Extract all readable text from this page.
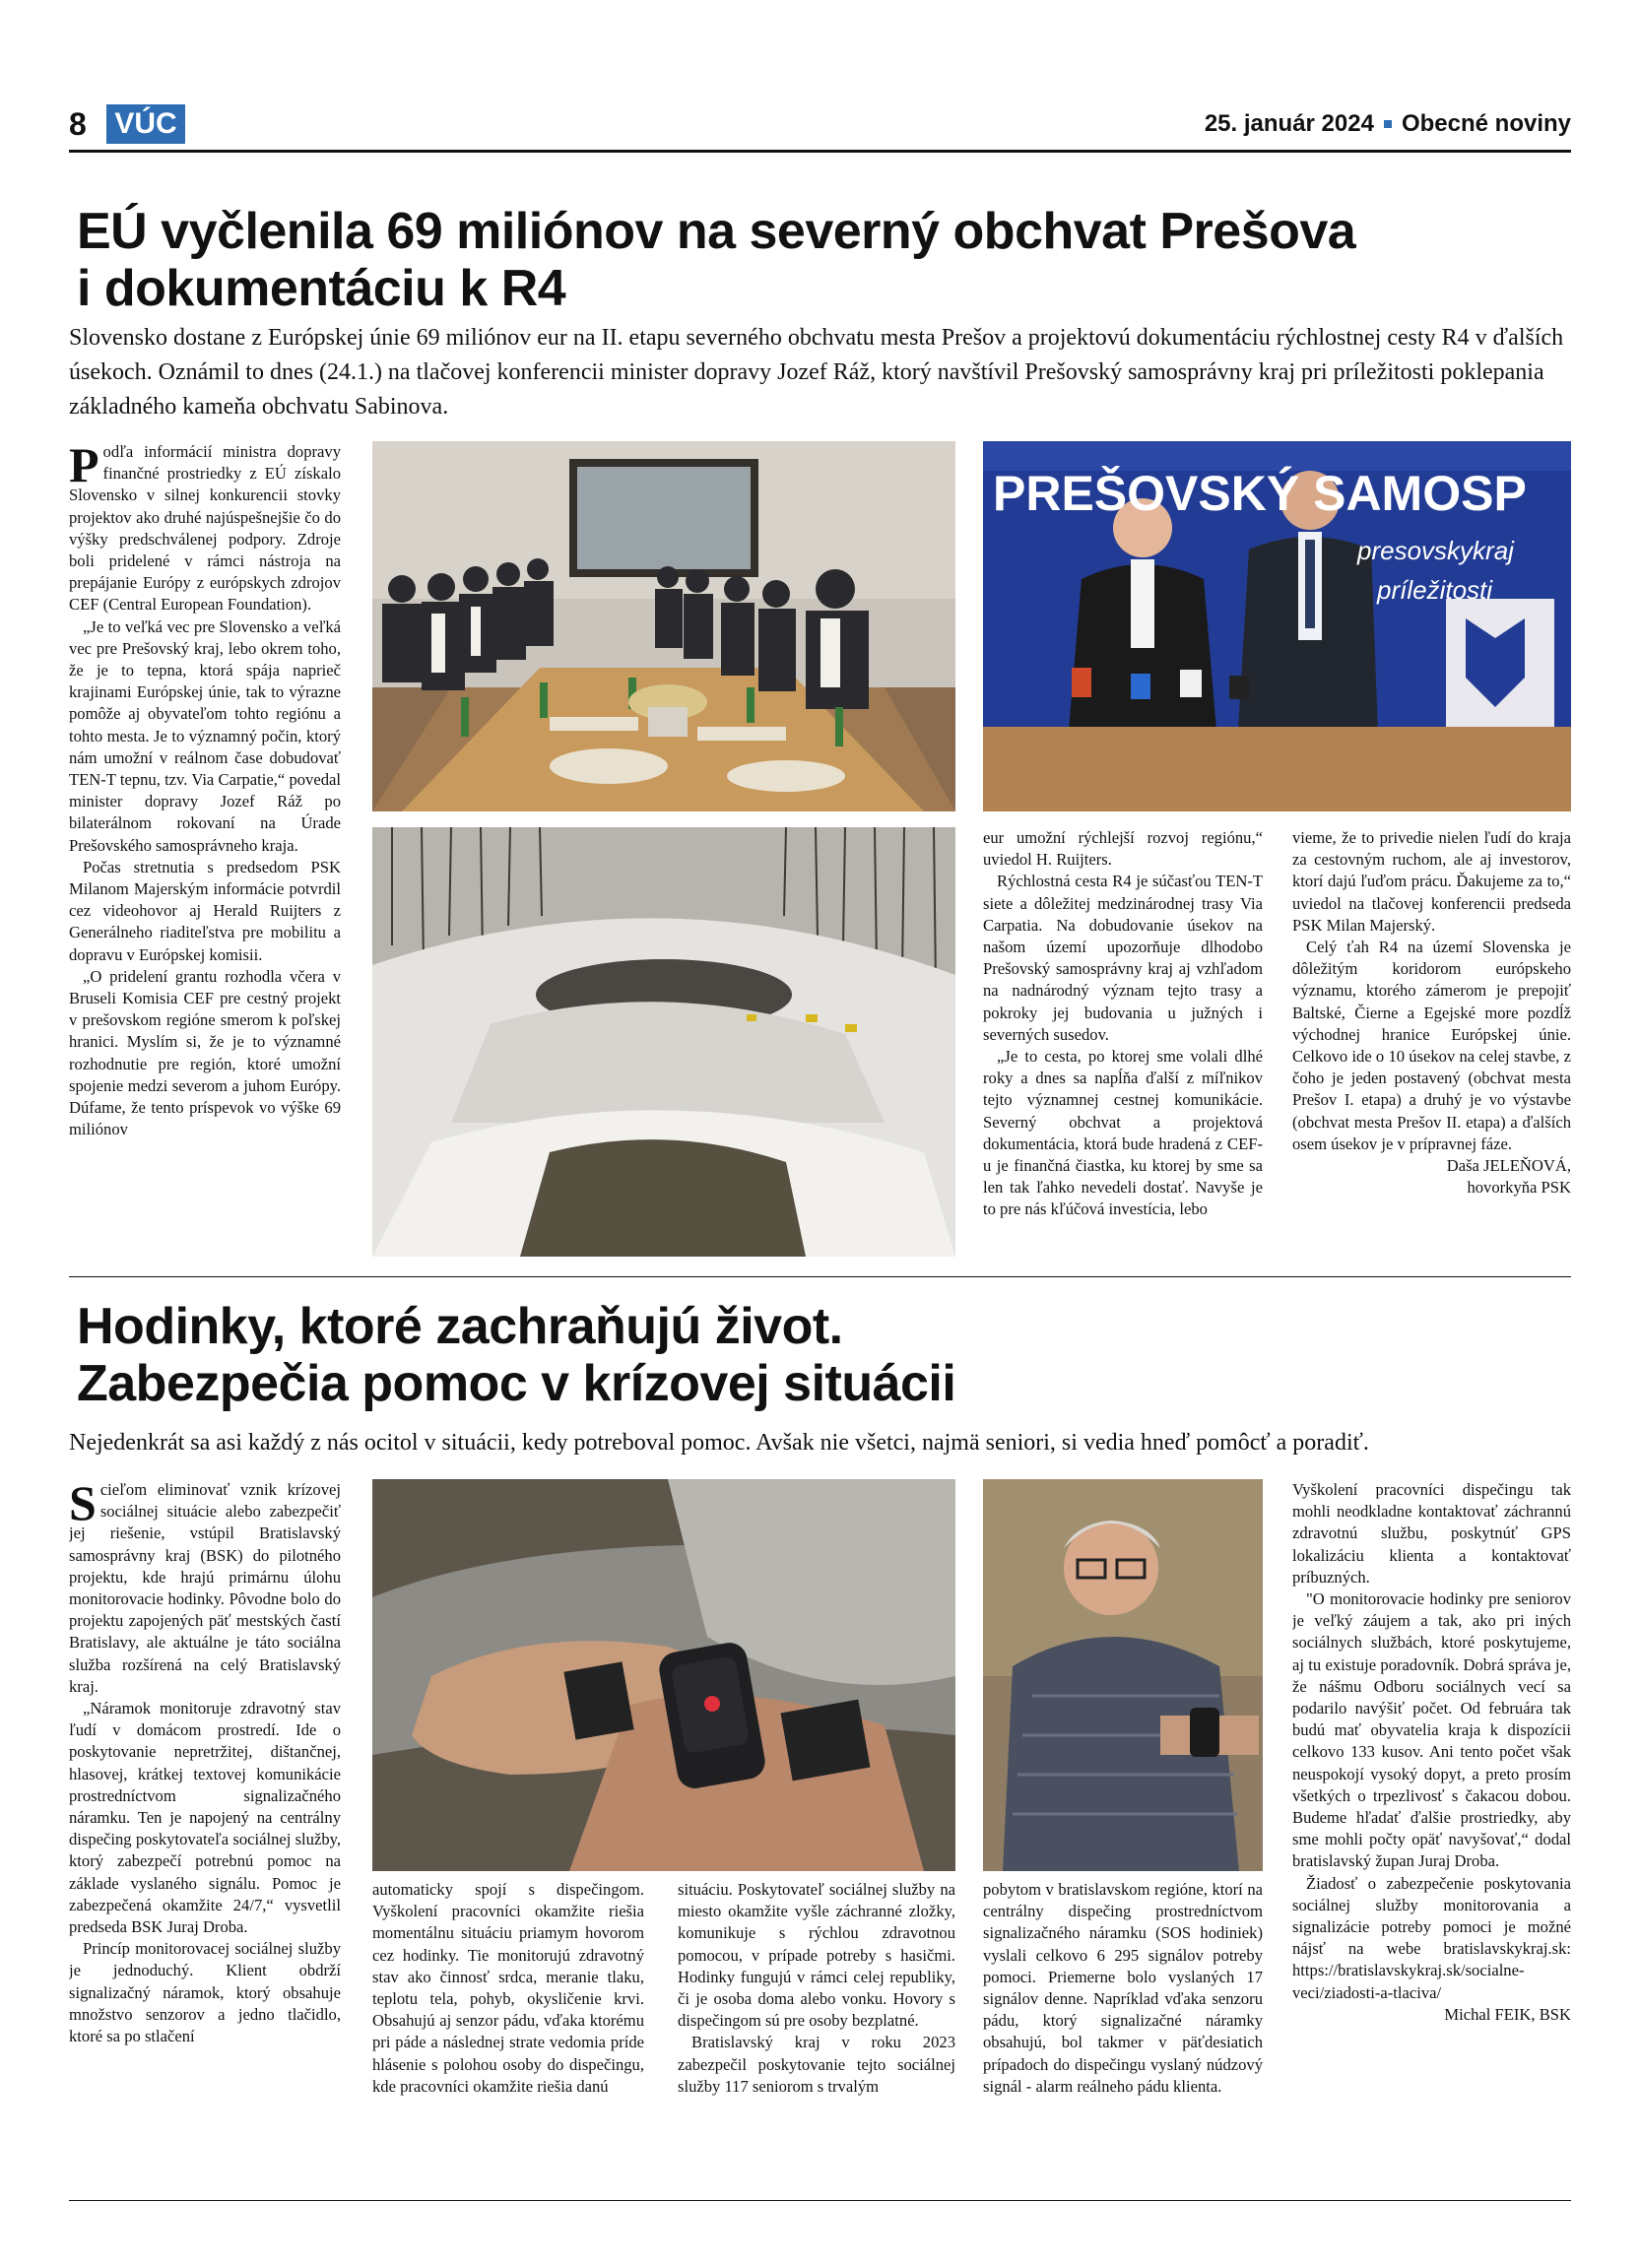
8 VÚC	25. január 2024 Obecné noviny
EÚ vyčlenila 69 miliónov na severný obchvat Prešova
i dokumentáciu k R4
Slovensko dostane z Európskej únie 69 miliónov eur na II. etapu severného obchvatu mesta Prešov a projektovú dokumentáciu rýchlostnej cesty R4 v ďalších úsekoch. Oznámil to dnes (24.1.) na tlačovej konferencii minister dopravy Jozef Ráž, ktorý navštívil Prešovský samosprávny kraj pri príležitosti poklepania základného kameňa obchvatu Sabinova.

Podľa informácií ministra dopravy finančné prostriedky z EÚ získalo Slovensko v silnej konkurencii stovky projektov ako druhé najúspešnejšie čo do výšky predschválenej podpory. Zdroje boli pridelené v rámci nástroja na prepájanie Európy z európskych zdrojov CEF (Central European Foundation).

„Je to veľká vec pre Slovensko a veľká vec pre Prešovský kraj, lebo okrem toho, že je to tepna, ktorá spája naprieč krajinami Európskej únie, tak to výrazne pomôže aj obyvateľom tohto regiónu a tohto mesta. Je to významný počin, ktorý nám umožní v reálnom čase dobudovať TEN-T tepnu, tzv. Via Carpatie,“ povedal minister dopravy Jozef Ráž po bilaterálnom rokovaní na Úrade Prešovského samosprávneho kraja.

Počas stretnutia s predsedom PSK Milanom Majerským informácie potvrdil cez videohovor aj Herald Ruijters z Generálneho riaditeľstva pre mobilitu a dopravu v Európskej komisii.

„O pridelení grantu rozhodla včera v Bruseli Komisia CEF pre cestný projekt v prešovskom regióne smerom k poľskej hranici. Myslím si, že je to významné rozhodnutie pre región, ktoré umožní spojenie medzi severom a juhom Európy. Dúfame, že tento príspevok vo výške 69 miliónov

PREŠOVSKÝ SAMOSP
presovskykraj
príležitosti

eur umožní rýchlejší rozvoj regiónu,“ uviedol H. Ruijters.

Rýchlostná cesta R4 je súčasťou TEN-T siete a dôležitej medzinárodnej trasy Via Carpatia. Na dobudovanie úsekov na našom území upozorňuje dlhodobo Prešovský samosprávny kraj aj vzhľadom na nadnárodný význam tejto trasy a pokroky jej budovania u južných i severných susedov.

„Je to cesta, po ktorej sme volali dlhé roky a dnes sa napĺňa ďalší z míľnikov tejto významnej cestnej komunikácie. Severný obchvat a projektová dokumentácia, ktorá bude hradená z CEF-u je finančná čiastka, ku ktorej by sme sa len tak ľahko nevedeli dostať. Navyše je to pre nás kľúčová investícia, lebo

vieme, že to privedie nielen ľudí do kraja za cestovným ruchom, ale aj investorov, ktorí dajú ľuďom prácu. Ďakujeme za to,“ uviedol na tlačovej konferencii predseda PSK Milan Majerský.

Celý ťah R4 na území Slovenska je dôležitým koridorom európskeho významu, ktorého zámerom je prepojiť Baltské, Čierne a Egejské more pozdĺž východnej hranice Európskej únie. Celkovo ide o 10 úsekov na celej stavbe, z čoho je jeden postavený (obchvat mesta Prešov I. etapa) a druhý je vo výstavbe (obchvat mesta Prešov II. etapa) a ďalších osem úsekov je v prípravnej fáze.

Daša JELEŇOVÁ,

hovorkyňa PSK

Hodinky, ktoré zachraňujú život.
Zabezpečia pomoc v krízovej situácii
Nejedenkrát sa asi každý z nás ocitol v situácii, kedy potreboval pomoc. Avšak nie všetci, najmä seniori, si vedia hneď pomôcť a poradiť.

S cieľom eliminovať vznik krízovej sociálnej situácie alebo zabezpečiť jej riešenie, vstúpil Bratislavský samosprávny kraj (BSK) do pilotného projektu, kde hrajú primárnu úlohu monitorovacie hodinky. Pôvodne bolo do projektu zapojených päť mestských častí Bratislavy, ale aktuálne je táto sociálna služba rozšírená na celý Bratislavský kraj.

„Náramok monitoruje zdravotný stav ľudí v domácom prostredí. Ide o poskytovanie nepretržitej, dištančnej, hlasovej, krátkej textovej komunikácie prostredníctvom signalizačného náramku. Ten je napojený na centrálny dispečing poskytovateľa sociálnej služby, ktorý zabezpečí potrebnú pomoc na základe vyslaného signálu. Pomoc je zabezpečená okamžite 24/7,“ vysvetlil predseda BSK Juraj Droba.

Princíp monitorovacej sociálnej služby je jednoduchý. Klient obdrží signalizačný náramok, ktorý obsahuje množstvo senzorov a jedno tlačidlo, ktoré sa po stlačení

automaticky spojí s dispečingom. Vyškolení pracovníci okamžite riešia momentálnu situáciu priamym hovorom cez hodinky. Tie monitorujú zdravotný stav ako činnosť srdca, meranie tlaku, teplotu tela, pohyb, okysličenie krvi. Obsahujú aj senzor pádu, vďaka ktorému pri páde a následnej strate vedomia príde hlásenie s polohou osoby do dispečingu, kde pracovníci okamžite riešia danú

situáciu. Poskytovateľ sociálnej služby na miesto okamžite vyšle záchranné zložky, komunikuje s rýchlou zdravotnou pomocou, v prípade potreby s hasičmi. Hodinky fungujú v rámci celej republiky, či je osoba doma alebo vonku. Hovory s dispečingom sú pre osoby bezplatné.

Bratislavský kraj v roku 2023 zabezpečil poskytovanie tejto sociálnej služby 117 seniorom s trvalým

pobytom v bratislavskom regióne, ktorí na centrálny dispečing prostredníctvom signalizačného náramku (SOS hodiniek) vyslali celkovo 6 295 signálov potreby pomoci. Priemerne bolo vyslaných 17 signálov denne. Napríklad vďaka senzoru pádu, ktorý signalizačné náramky obsahujú, bol takmer v päťdesiatich prípadoch do dispečingu vyslaný núdzový signál - alarm reálneho pádu klienta.

Vyškolení pracovníci dispečingu tak mohli neodkladne kontaktovať záchrannú zdravotnú službu, poskytnúť GPS lokalizáciu klienta a kontaktovať príbuzných.

"O monitorovacie hodinky pre seniorov je veľký záujem a tak, ako pri iných sociálnych službách, ktoré poskytujeme, aj tu existuje poradovník. Dobrá správa je, že nášmu Odboru sociálnych vecí sa podarilo navýšiť počet. Od februára tak budú mať obyvatelia kraja k dispozícii celkovo 133 kusov. Ani tento počet však neuspokojí vysoký dopyt, a preto prosím všetkých o trpezlivosť s čakacou dobou. Budeme hľadať ďalšie prostriedky, aby sme mohli počty opäť navyšovať,“ dodal bratislavský župan Juraj Droba.

Žiadosť o zabezpečenie poskytovania sociálnej služby monitorovania a signalizácie potreby pomoci je možné nájsť na webe bratislavskykraj.sk: https://bratislavskykraj.sk/socialne-veci/ziadosti-a-tlaciva/

Michal FEIK, BSK
